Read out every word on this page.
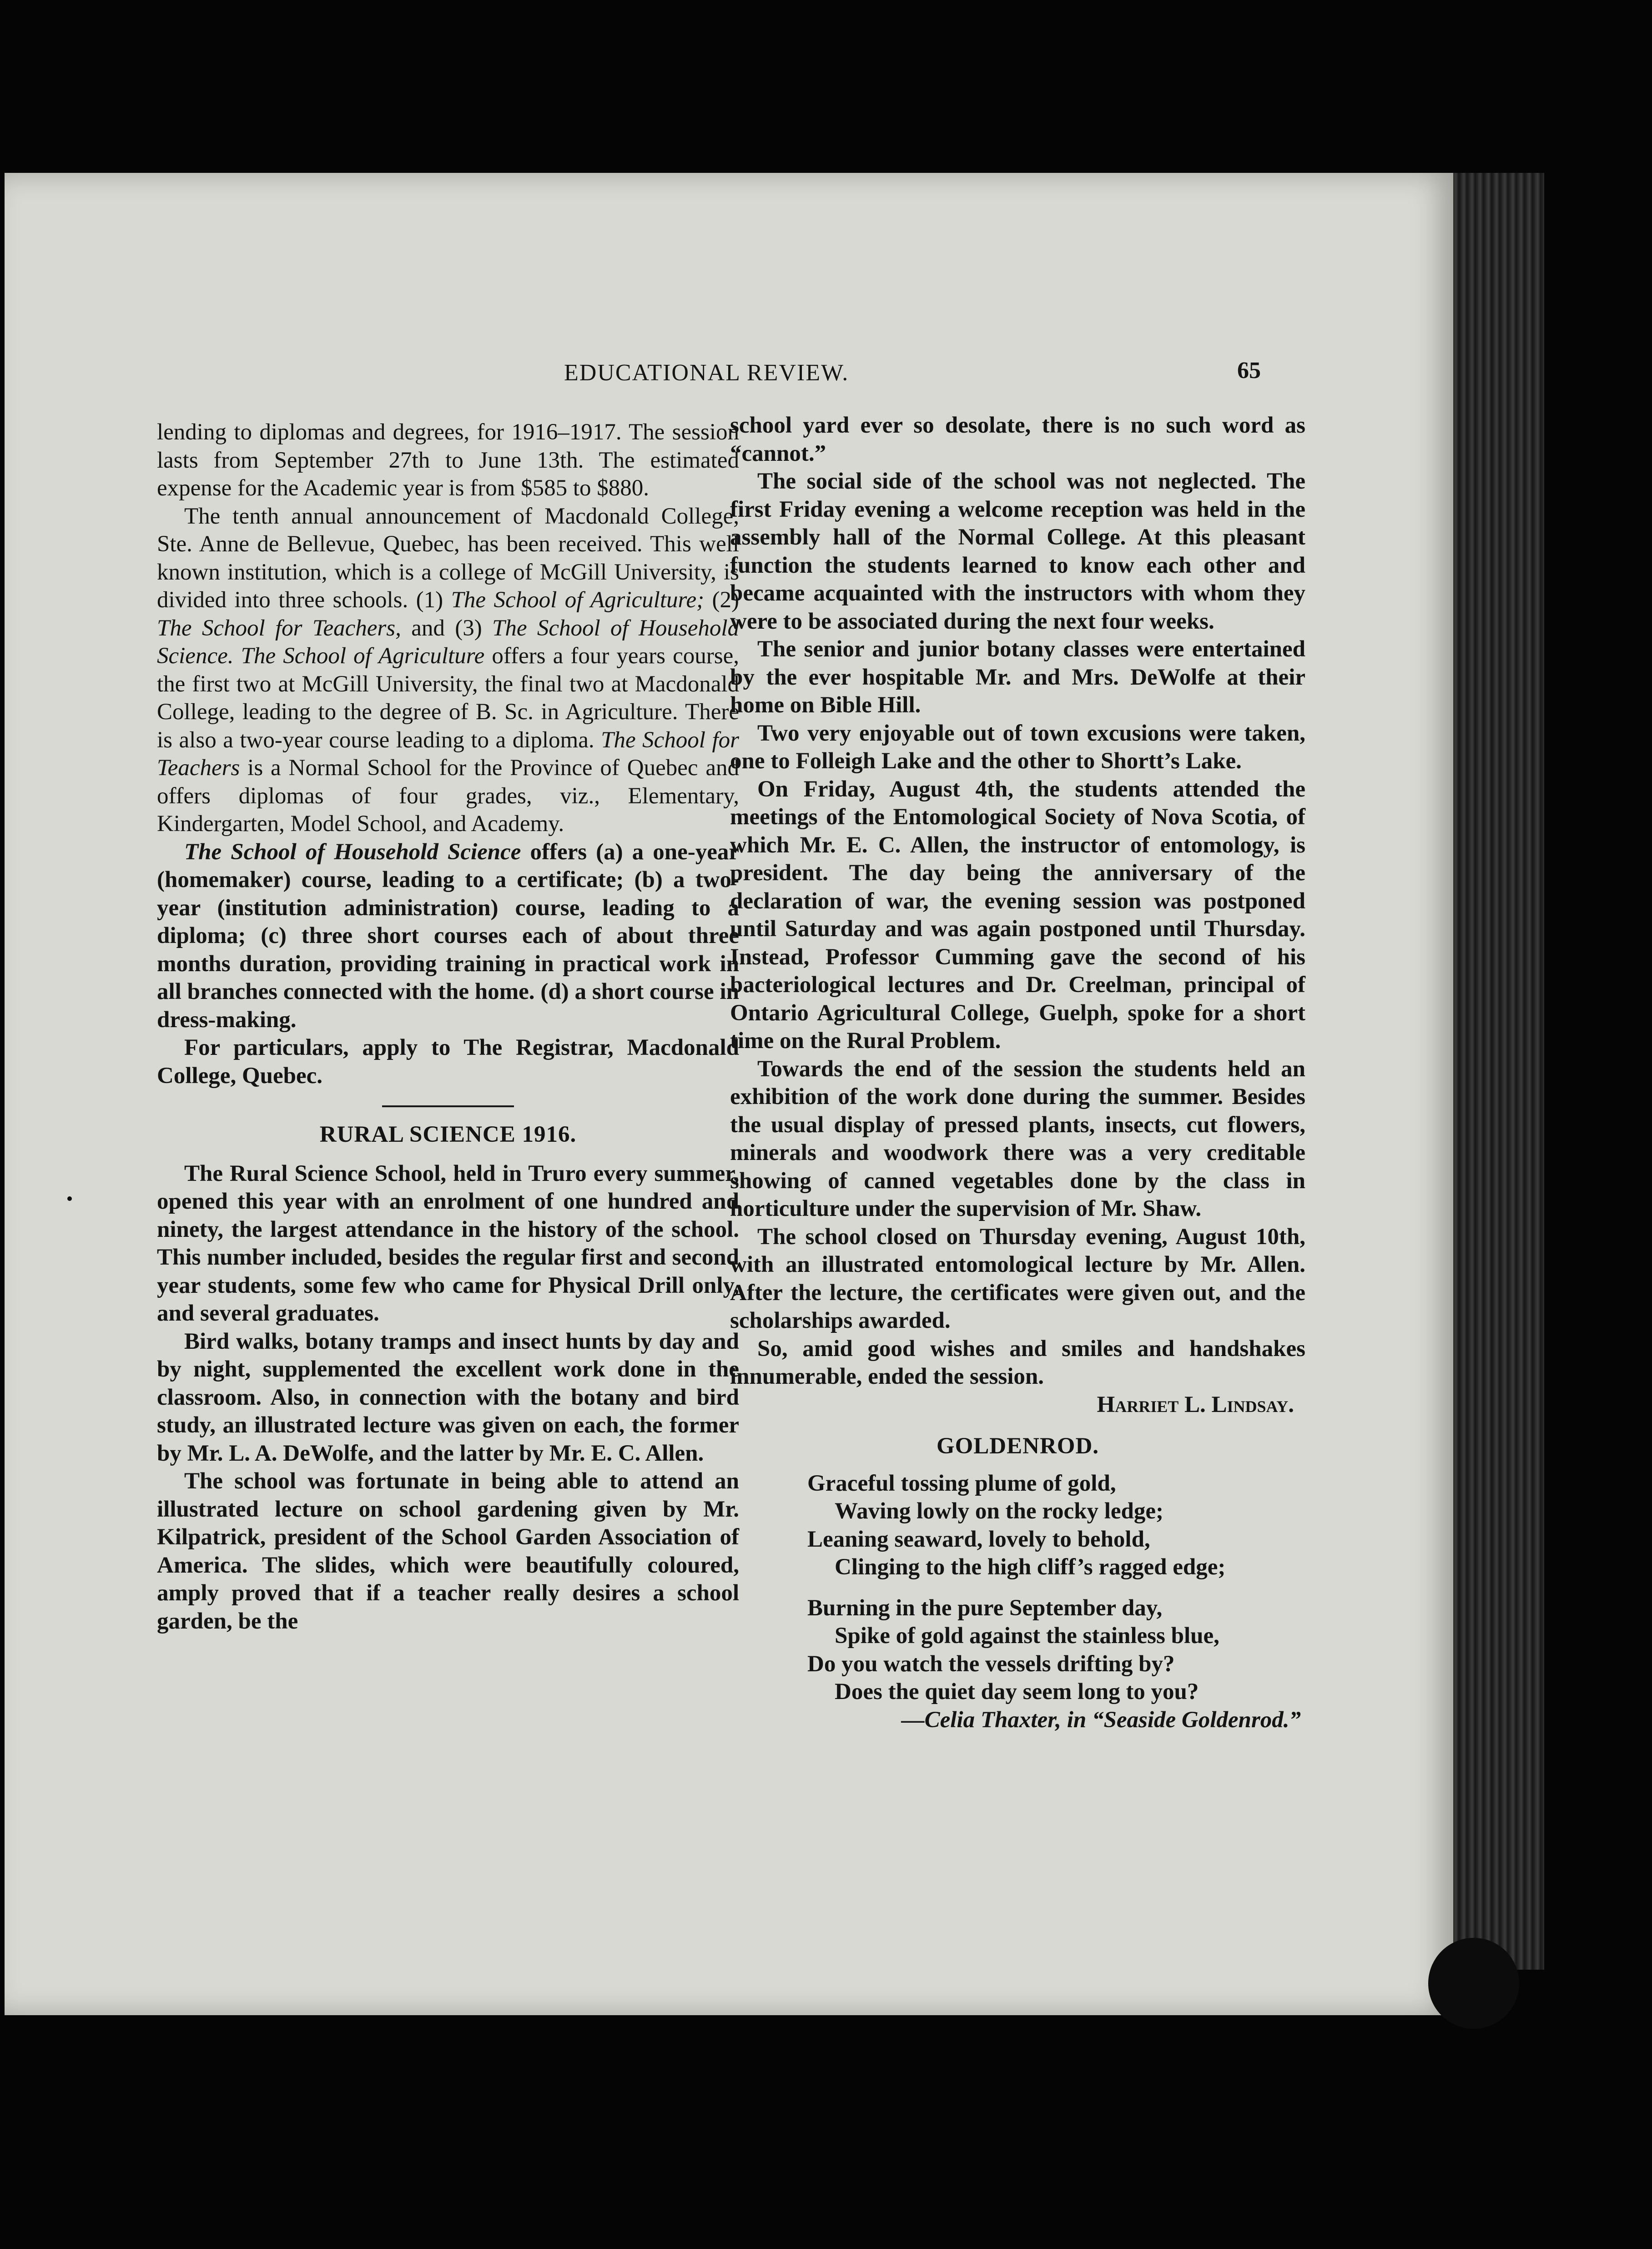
EDUCATIONAL REVIEW.	65

lending to diplomas and degrees, for 1916–1917. The session lasts from September 27th to June 13th. The estimated expense for the Academic year is from $585 to $880.

The tenth annual announcement of Macdonald College, Ste. Anne de Bellevue, Quebec, has been received. This well known institution, which is a college of McGill University, is divided into three schools. (1) The School of Agriculture; (2) The School for Teachers, and (3) The School of Household Science. The School of Agriculture offers a four years course, the first two at McGill University, the final two at Macdonald College, leading to the degree of B. Sc. in Agriculture. There is also a two-year course leading to a diploma. The School for Teachers is a Normal School for the Province of Quebec and offers diplomas of four grades, viz., Elementary, Kindergarten, Model School, and Academy.

The School of Household Science offers (a) a one-year (homemaker) course, leading to a certificate; (b) a two-year (institution administration) course, leading to a diploma; (c) three short courses each of about three months duration, providing training in practical work in all branches connected with the home. (d) a short course in dress-making.

For particulars, apply to The Registrar, Macdonald College, Quebec.

RURAL SCIENCE 1916.

The Rural Science School, held in Truro every summer, opened this year with an enrolment of one hundred and ninety, the largest attendance in the history of the school. This number included, besides the regular first and second year students, some few who came for Physical Drill only, and several graduates.

Bird walks, botany tramps and insect hunts by day and by night, supplemented the excellent work done in the classroom. Also, in connection with the botany and bird study, an illustrated lecture was given on each, the former by Mr. L. A. DeWolfe, and the latter by Mr. E. C. Allen.

The school was fortunate in being able to attend an illustrated lecture on school gardening given by Mr. Kilpatrick, president of the School Garden Association of America. The slides, which were beautifully coloured, amply proved that if a teacher really desires a school garden, be the

school yard ever so desolate, there is no such word as “cannot.”

The social side of the school was not neglected. The first Friday evening a welcome reception was held in the assembly hall of the Normal College. At this pleasant function the students learned to know each other and became acquainted with the instructors with whom they were to be associated during the next four weeks.

The senior and junior botany classes were entertained by the ever hospitable Mr. and Mrs. DeWolfe at their home on Bible Hill.

Two very enjoyable out of town excusions were taken, one to Folleigh Lake and the other to Shortt’s Lake.

On Friday, August 4th, the students attended the meetings of the Entomological Society of Nova Scotia, of which Mr. E. C. Allen, the instructor of entomology, is president. The day being the anniversary of the declaration of war, the evening session was postponed until Saturday and was again postponed until Thursday. Instead, Professor Cumming gave the second of his bacteriological lectures and Dr. Creelman, principal of Ontario Agricultural College, Guelph, spoke for a short time on the Rural Problem.

Towards the end of the session the students held an exhibition of the work done during the summer. Besides the usual display of pressed plants, insects, cut flowers, minerals and woodwork there was a very creditable showing of canned vegetables done by the class in horticulture under the supervision of Mr. Shaw.

The school closed on Thursday evening, August 10th, with an illustrated entomological lecture by Mr. Allen. After the lecture, the certificates were given out, and the scholarships awarded.

So, amid good wishes and smiles and handshakes innumerable, ended the session.

Harriet L. Lindsay.
GOLDENROD.
Graceful tossing plume of gold,
Waving lowly on the rocky ledge;
Leaning seaward, lovely to behold,
Clinging to the high cliff’s ragged edge;
Burning in the pure September day,
Spike of gold against the stainless blue,
Do you watch the vessels drifting by?
Does the quiet day seem long to you?
—Celia Thaxter, in “Seaside Goldenrod.”
